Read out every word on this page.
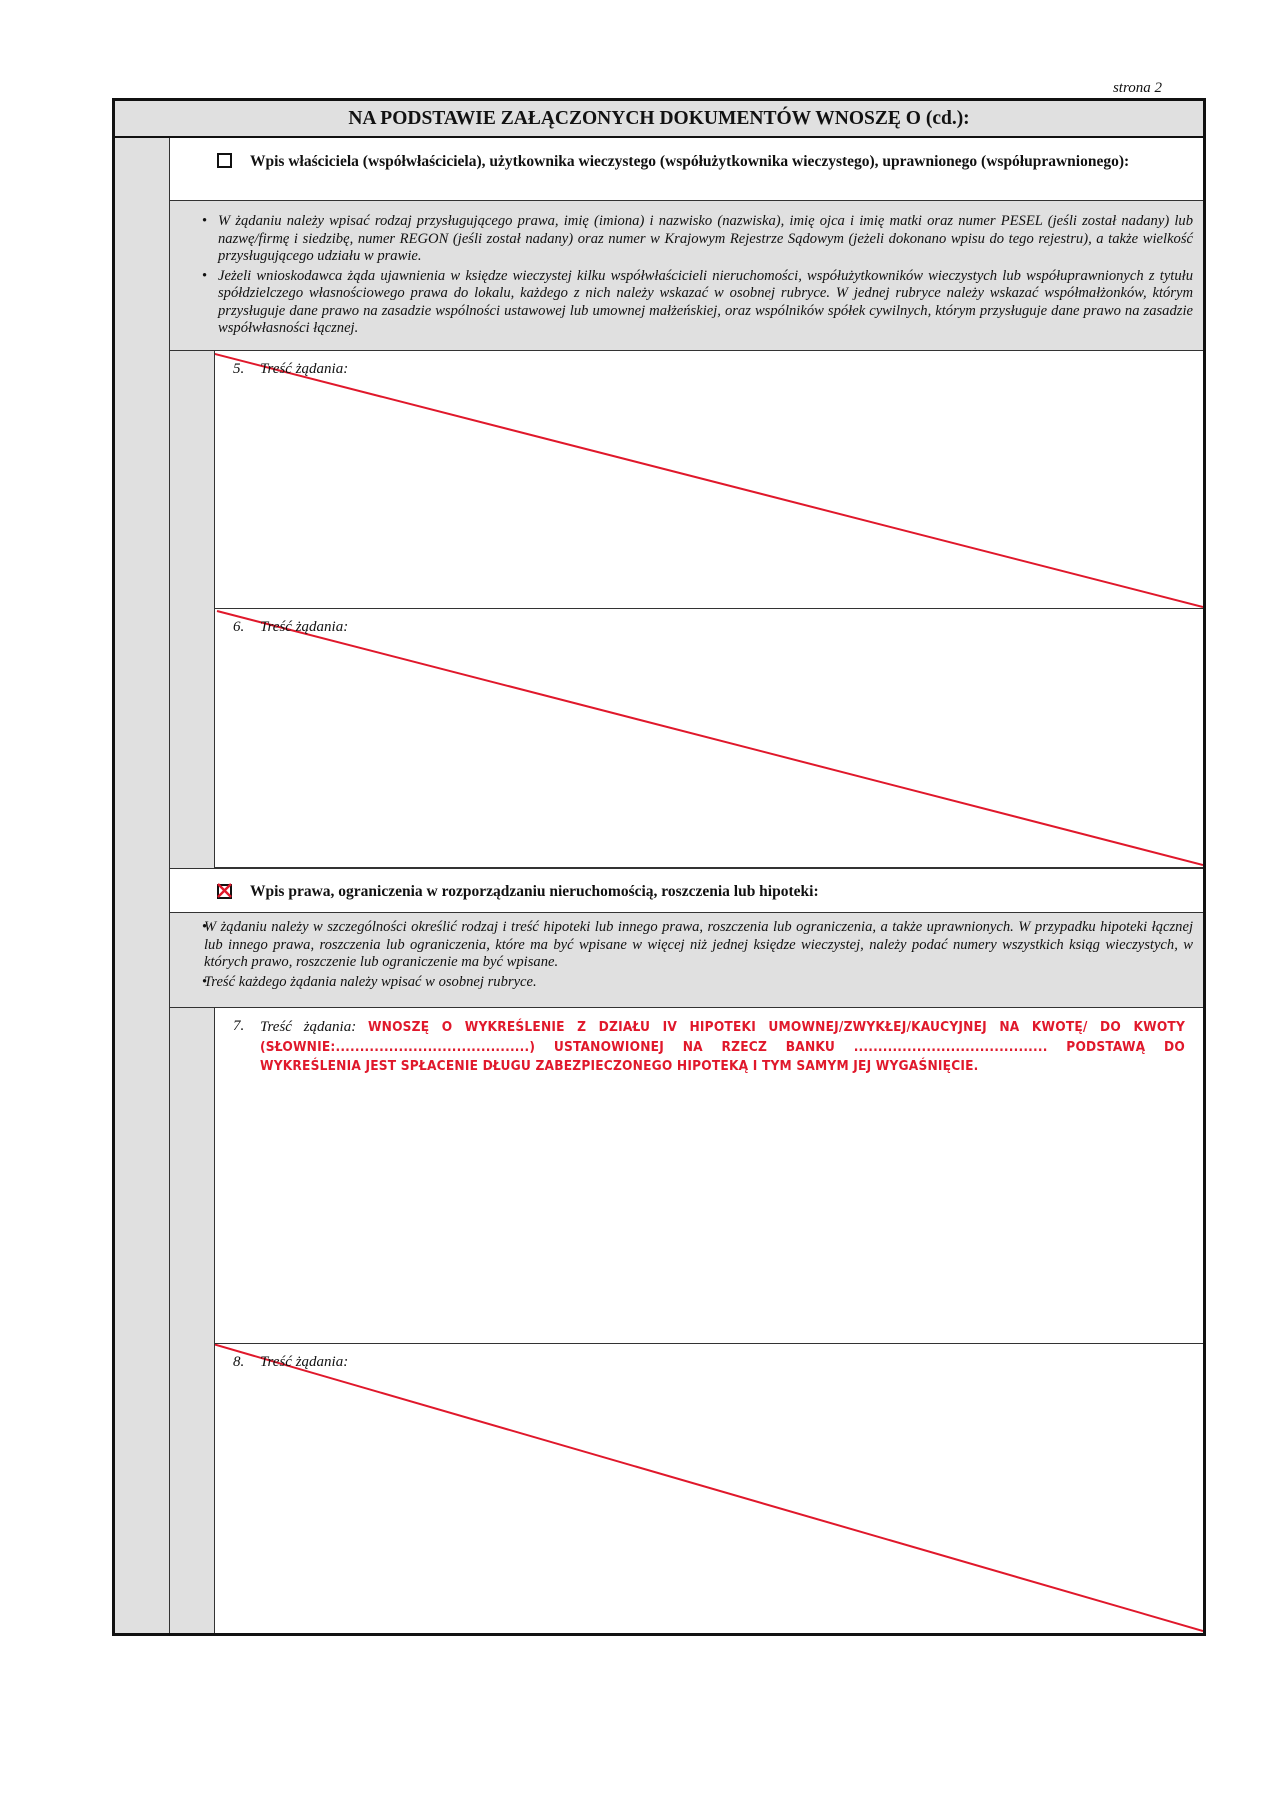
strona 2
NA PODSTAWIE ZAŁĄCZONYCH DOKUMENTÓW WNOSZĘ O (cd.):
Wpis właściciela (współwłaściciela), użytkownika wieczystego (współużytkownika wieczystego), uprawnionego (współuprawnionego):
• W żądaniu należy wpisać rodzaj przysługującego prawa, imię (imiona) i nazwisko (nazwiska), imię ojca i imię matki oraz numer PESEL (jeśli został nadany) lub nazwę/firmę i siedzibę, numer REGON (jeśli został nadany) oraz numer w Krajowym Rejestrze Sądowym (jeżeli dokonano wpisu do tego rejestru), a także wielkość przysługującego udziału w prawie.
• Jeżeli wnioskodawca żąda ujawnienia w księdze wieczystej kilku współwłaścicieli nieruchomości, współużytkowników wieczystych lub współuprawnionych z tytułu spółdzielczego własnościowego prawa do lokalu, każdego z nich należy wskazać w osobnej rubryce. W jednej rubryce należy wskazać współmałżonków, którym przysługuje dane prawo na zasadzie wspólności ustawowej lub umownej małżeńskiej, oraz wspólników spółek cywilnych, którym przysługuje dane prawo na zasadzie współwłasności łącznej.
5. Treść żądania:
6. Treść żądania:
Wpis prawa, ograniczenia w rozporządzaniu nieruchomością, roszczenia lub hipoteki:
• W żądaniu należy w szczególności określić rodzaj i treść hipoteki lub innego prawa, roszczenia lub ograniczenia, a także uprawnionych. W przypadku hipoteki łącznej lub innego prawa, roszczenia lub ograniczenia, które ma być wpisane w więcej niż jednej księdze wieczystej, należy podać numery wszystkich ksiąg wieczystych, w których prawo, roszczenie lub ograniczenie ma być wpisane.
• Treść każdego żądania należy wpisać w osobnej rubryce.
7. Treść żądania: WNOSZĘ O WYKREŚLENIE Z DZIAŁU IV HIPOTEKI UMOWNEJ/ZWYKŁEJ/KAUCYJNEJ NA KWOTĘ/ DO KWOTY (SŁOWNIE:........................................) USTANOWIONEJ NA RZECZ BANKU ........................................ PODSTAWĄ DO WYKREŚLENIA JEST SPŁACENIE DŁUGU ZABEZPIECZONEGO HIPOTEKĄ I TYM SAMYM JEJ WYGAŚNIĘCIE.
8. Treść żądania:
